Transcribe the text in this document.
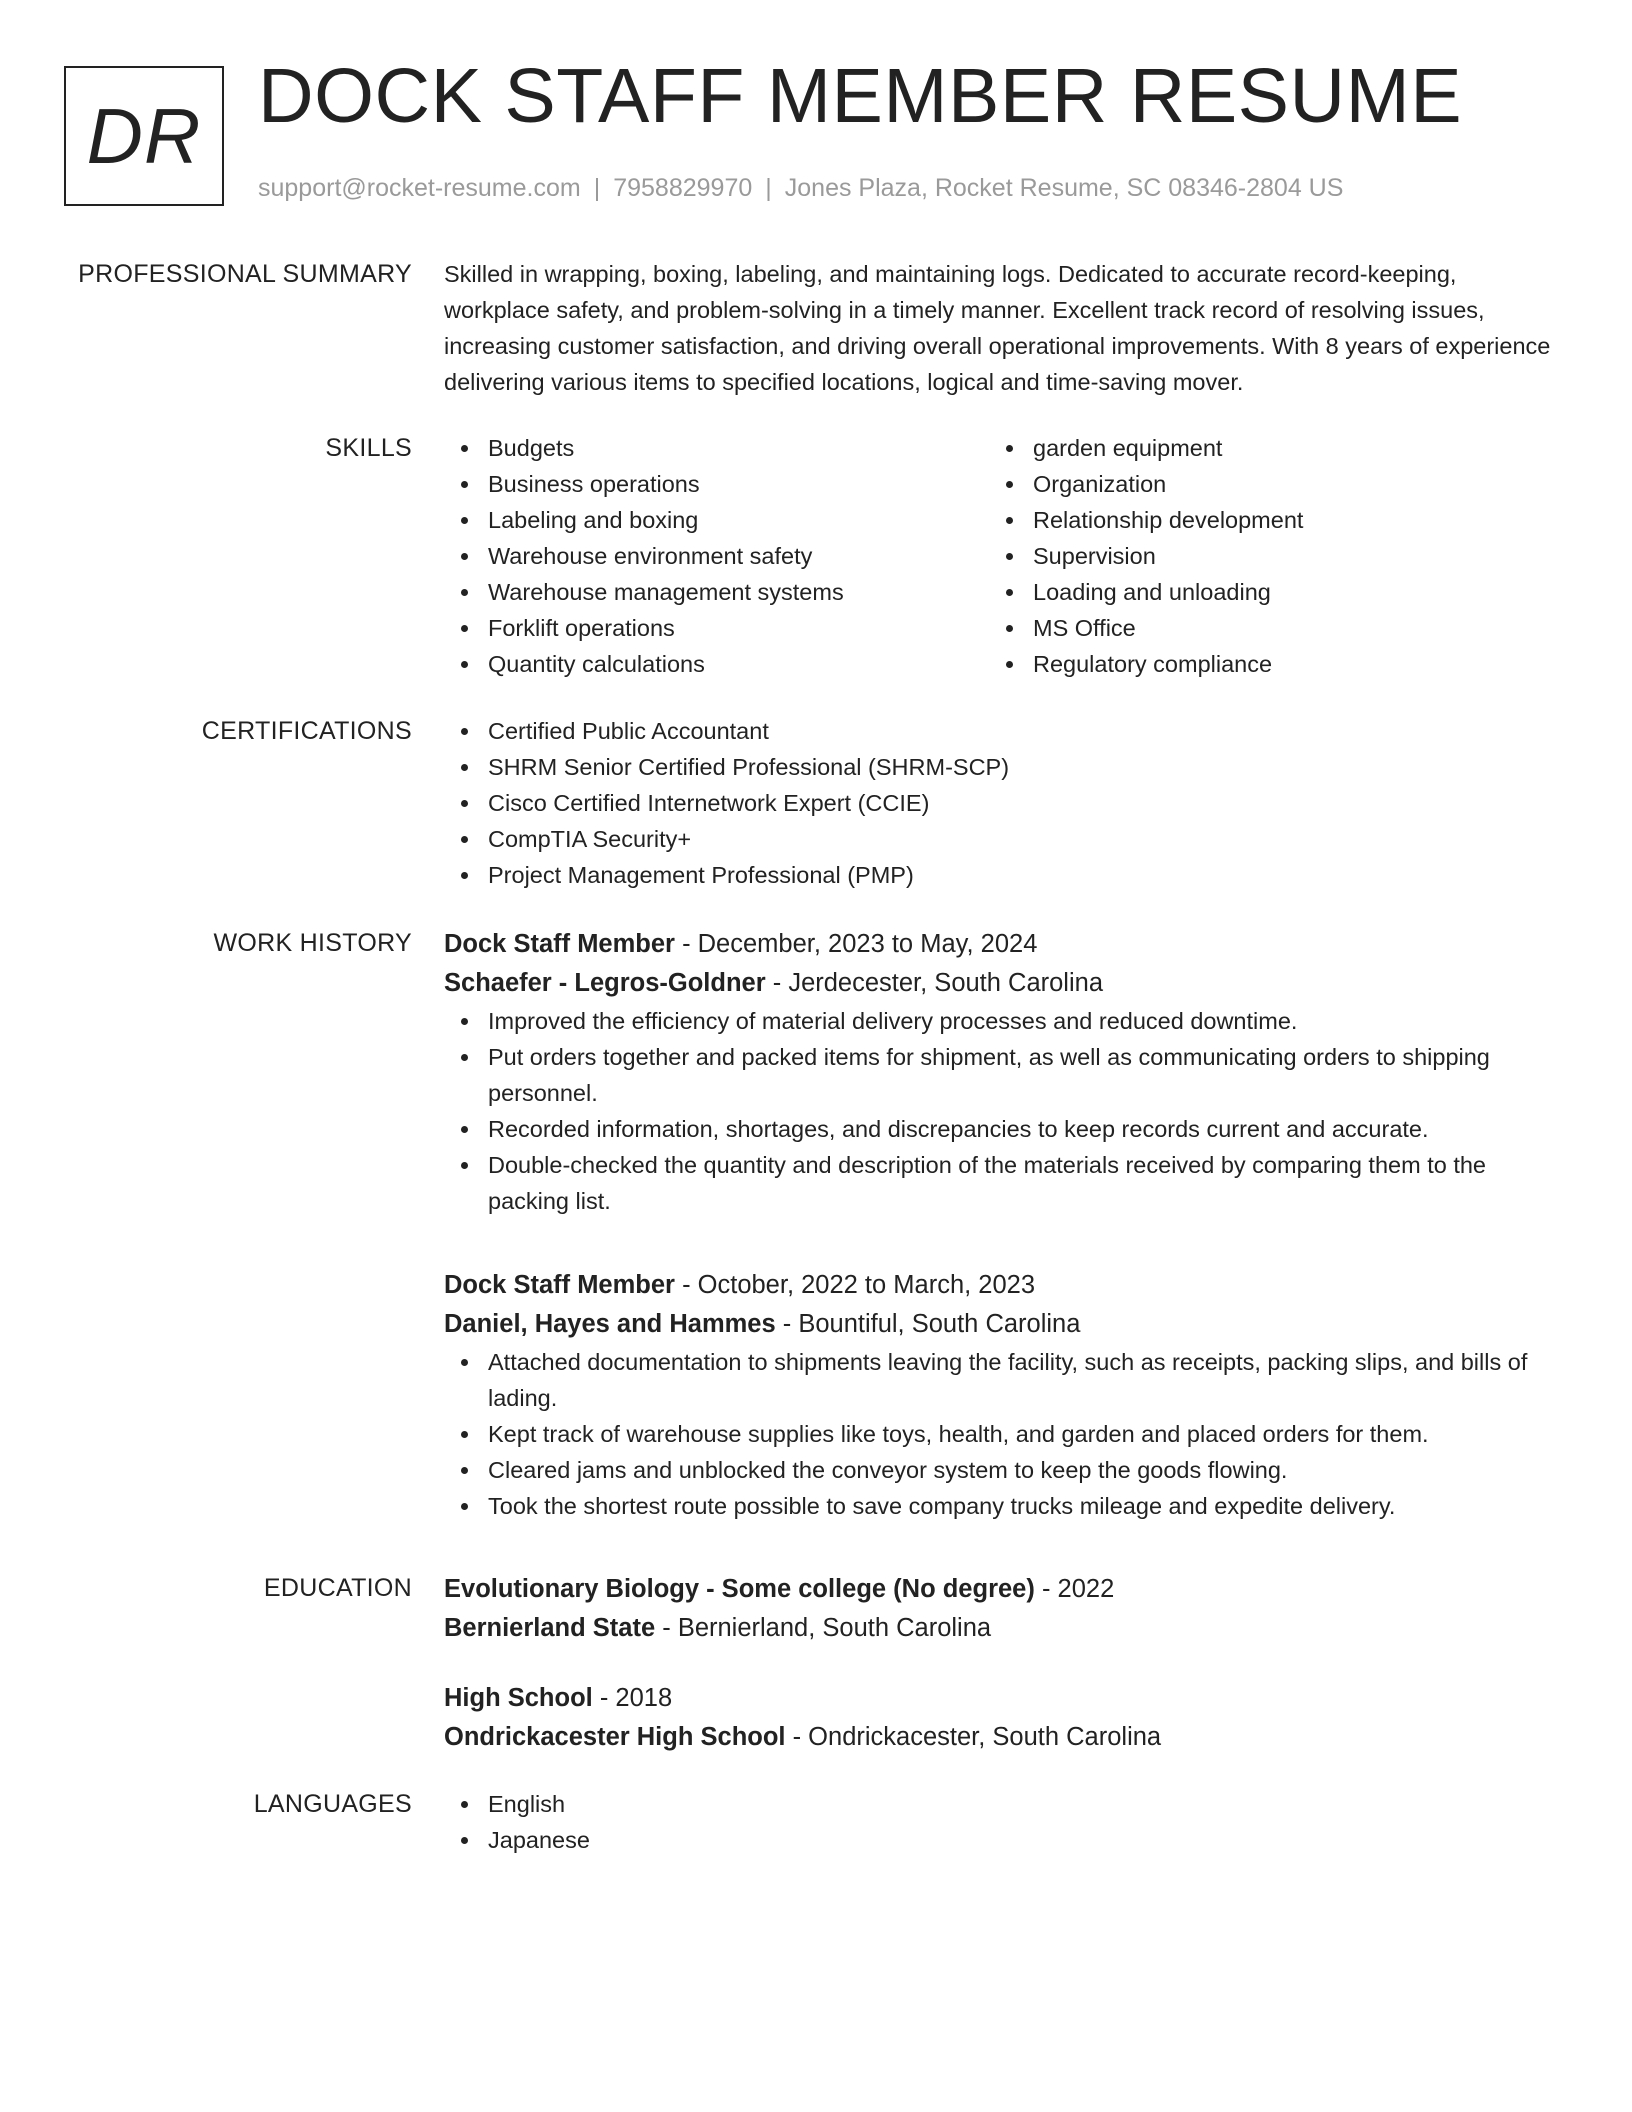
DR DOCK STAFF MEMBER RESUME
support@rocket-resume.com | 7958829970 | Jones Plaza, Rocket Resume, SC 08346-2804 US
PROFESSIONAL SUMMARY Skilled in wrapping, boxing, labeling, and maintaining logs. Dedicated to accurate record-keeping, workplace safety, and problem-solving in a timely manner. Excellent track record of resolving issues, increasing customer satisfaction, and driving overall operational improvements. With 8 years of experience delivering various items to specified locations, logical and time-saving mover.

SKILLS	Budgets
Business operations
Labeling and boxing
Warehouse environment safety
Warehouse management systems
Forklift operations
Quantity calculations
garden equipment
Organization
Relationship development
Supervision
Loading and unloading
MS Office
Regulatory compliance
CERTIFICATIONS	Certified Public Accountant
SHRM Senior Certified Professional (SHRM-SCP)
Cisco Certified Internetwork Expert (CCIE)
CompTIA Security+
Project Management Professional (PMP)
WORK HISTORY Dock Staff Member - December, 2023 to May, 2024
Schaefer - Legros-Goldner - Jerdecester, South Carolina
Improved the efficiency of material delivery processes and reduced downtime.
Put orders together and packed items for shipment, as well as communicating orders to shipping personnel.
Recorded information, shortages, and discrepancies to keep records current and accurate.
Double-checked the quantity and description of the materials received by comparing them to the packing list.
Dock Staff Member - October, 2022 to March, 2023
Daniel, Hayes and Hammes - Bountiful, South Carolina
Attached documentation to shipments leaving the facility, such as receipts, packing slips, and bills of lading.
Kept track of warehouse supplies like toys, health, and garden and placed orders for them.
Cleared jams and unblocked the conveyor system to keep the goods flowing.
Took the shortest route possible to save company trucks mileage and expedite delivery.
EDUCATION Evolutionary Biology - Some college (No degree) - 2022
Bernierland State - Bernierland, South Carolina
High School - 2018
Ondrickacester High School - Ondrickacester, South Carolina
LANGUAGES	English
Japanese
